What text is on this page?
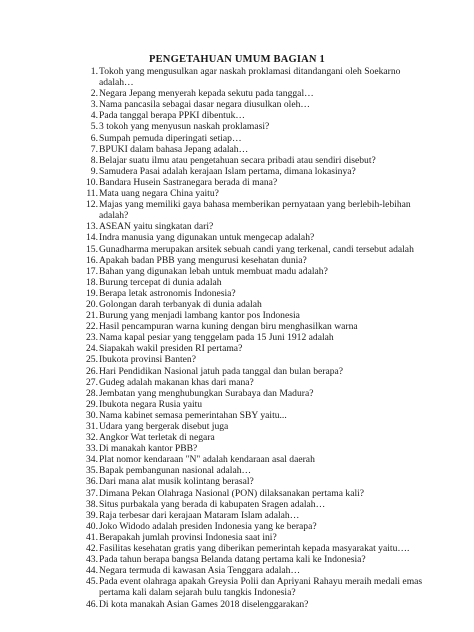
PENGETAHUAN UMUM BAGIAN 1
1. Tokoh yang mengusulkan agar naskah proklamasi ditandangani oleh Soekarno adalah…
2. Negara Jepang menyerah kepada sekutu pada tanggal…
3. Nama pancasila sebagai dasar negara diusulkan oleh…
4. Pada tanggal berapa PPKI dibentuk…
5. 3 tokoh yang menyusun naskah proklamasi?
6. Sumpah pemuda diperingati setiap…
7. BPUKI dalam bahasa Jepang adalah…
8. Belajar suatu ilmu atau pengetahuan secara pribadi atau sendiri disebut?
9. Samudera Pasai adalah kerajaan Islam pertama, dimana lokasinya?
10. Bandara Husein Sastranegara berada di mana?
11. Mata uang negara China yaitu?
12. Majas yang memiliki gaya bahasa memberikan pernyataan yang berlebih-lebihan adalah?
13. ASEAN yaitu singkatan dari?
14. Indra manusia yang digunakan untuk mengecap adalah?
15. Gunadharma merupakan arsitek sebuah candi yang terkenal, candi tersebut adalah
16. Apakah badan PBB yang mengurusi kesehatan dunia?
17. Bahan yang digunakan lebah untuk membuat madu adalah?
18. Burung tercepat di dunia adalah
19. Berapa letak astronomis Indonesia?
20. Golongan darah terbanyak di dunia adalah
21. Burung yang menjadi lambang kantor pos Indonesia
22. Hasil pencampuran warna kuning dengan biru menghasilkan warna
23. Nama kapal pesiar yang tenggelam pada 15 Juni 1912 adalah
24. Siapakah wakil presiden RI pertama?
25. Ibukota provinsi Banten?
26. Hari Pendidikan Nasional jatuh pada tanggal dan bulan berapa?
27. Gudeg adalah makanan khas dari mana?
28. Jembatan yang menghubungkan Surabaya dan Madura?
29. Ibukota negara Rusia yaitu
30. Nama kabinet semasa pemerintahan SBY yaitu...
31. Udara yang bergerak disebut juga
32. Angkor Wat terletak di negara
33. Di manakah kantor PBB?
34. Plat nomor kendaraan "N" adalah kendaraan asal daerah
35. Bapak pembangunan nasional adalah…
36. Dari mana alat musik kolintang berasal?
37. Dimana Pekan Olahraga Nasional (PON) dilaksanakan pertama kali?
38. Situs purbakala yang berada di kabupaten Sragen adalah…
39. Raja terbesar dari kerajaan Mataram Islam adalah…
40. Joko Widodo adalah presiden Indonesia yang ke berapa?
41. Berapakah jumlah provinsi Indonesia saat ini?
42. Fasilitas kesehatan gratis yang diberikan pemerintah kepada masyarakat yaitu….
43. Pada tahun berapa bangsa Belanda datang pertama kali ke Indonesia?
44. Negara termuda di kawasan Asia Tenggara adalah…
45. Pada event olahraga apakah Greysia Polii dan Apriyani Rahayu meraih medali emas pertama kali dalam sejarah bulu tangkis Indonesia?
46. Di kota manakah Asian Games 2018 diselenggarakan?
